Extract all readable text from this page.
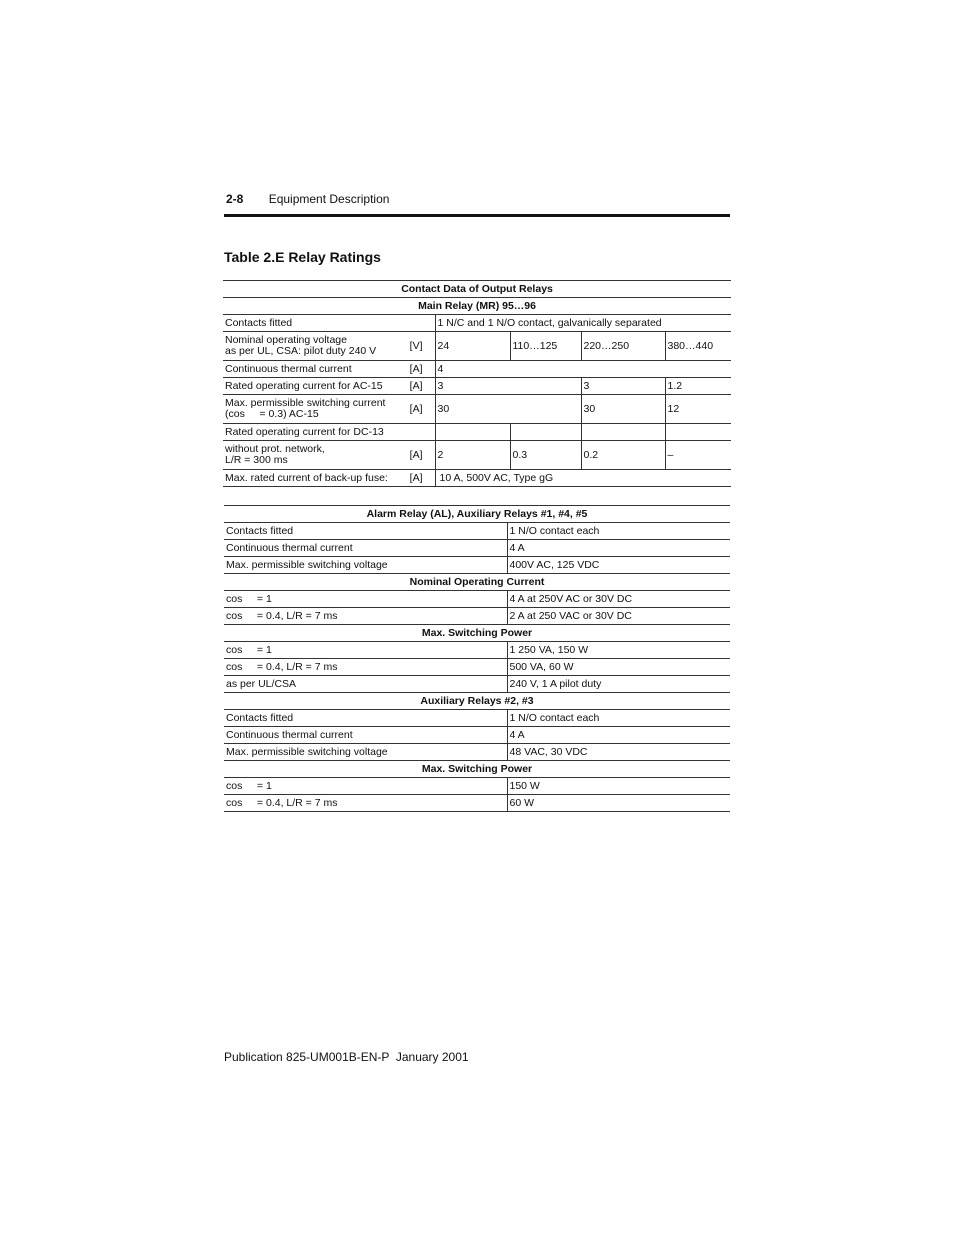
2-8 Equipment Description
Table 2.E Relay Ratings
Contact Data of Output Relays					
Main Relay (MR) 95…96					
Contacts fitted		1 N/C and 1 N/O contact, galvanically separated			

Nominal operating voltage
as per UL, CSA: pilot duty 240 V	[V]	24	110…125	220…250	380…440
Continuous thermal current	[A]	4			
Rated operating current for AC-15	[A]	3		3	1.2

Max. permissible switching current
(cos     = 0.3) AC-15	[A]	30		30	12
Rated operating current for DC-13					

without prot. network,
L/R = 300 ms	[A]	2	0.3	0.2	–
Max. rated current of back-up fuse:	[A]	10 A, 500V AC, Type gG			
Alarm Relay (AL), Auxiliary Relays #1, #4, #5	
Contacts fitted	1 N/O contact each
Continuous thermal current	4 A
Max. permissible switching voltage	400V AC, 125 VDC
Nominal Operating Current	
cos     = 1	4 A at 250V AC or 30V DC
cos     = 0.4, L/R = 7 ms	2 A at 250 VAC or 30V DC
Max. Switching Power	
cos     = 1	1 250 VA, 150 W
cos     = 0.4, L/R = 7 ms	500 VA, 60 W
as per UL/CSA	240 V, 1 A pilot duty
Auxiliary Relays #2, #3	
Contacts fitted	1 N/O contact each
Continuous thermal current	4 A
Max. permissible switching voltage	48 VAC, 30 VDC
Max. Switching Power	
cos     = 1	150 W
cos     = 0.4, L/R = 7 ms	60 W
Publication 825-UM001B-EN-P  January 2001
